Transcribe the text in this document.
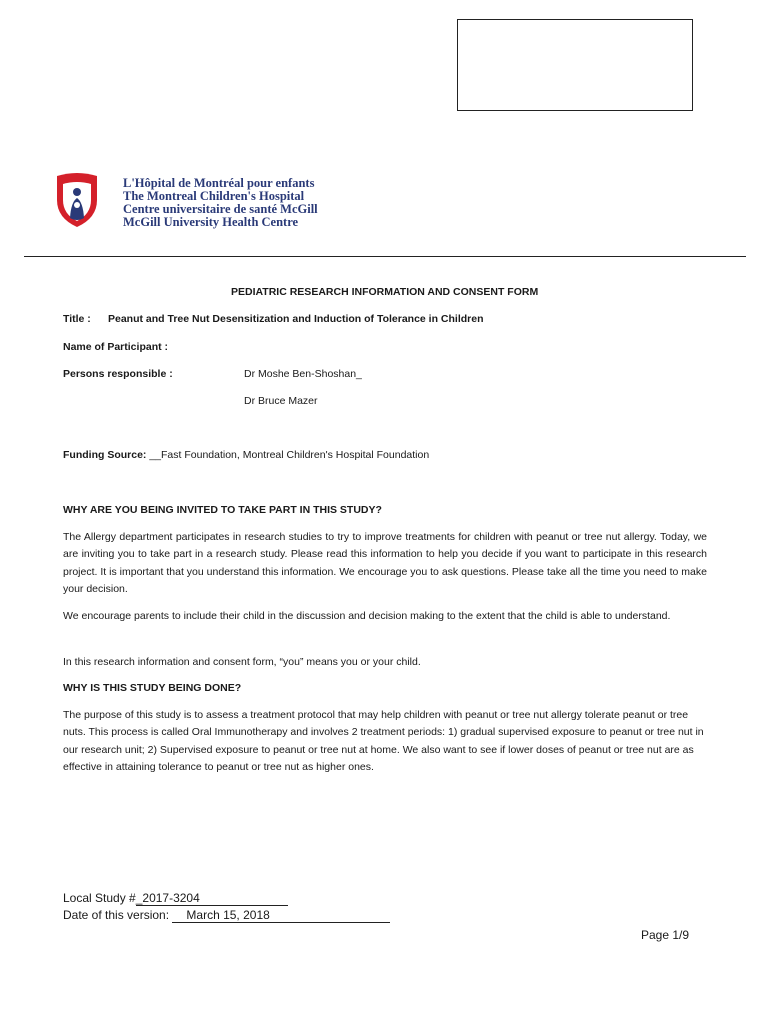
L'Hôpital de Montréal pour enfants
The Montreal Children's Hospital
Centre universitaire de santé McGill
McGill University Health Centre
PEDIATRIC RESEARCH INFORMATION AND CONSENT FORM
Title : Peanut and Tree Nut Desensitization and Induction of Tolerance in Children
Name of Participant :
Persons responsible :	Dr Moshe Ben-Shoshan_
Dr Bruce Mazer
Funding Source: __Fast Foundation, Montreal Children's Hospital Foundation
WHY ARE YOU BEING INVITED TO TAKE PART IN THIS STUDY?
The Allergy department participates in research studies to try to improve treatments for children with peanut or tree nut allergy. Today, we are inviting you to take part in a research study. Please read this information to help you decide if you want to participate in this research project. It is important that you understand this information. We encourage you to ask questions. Please take all the time you need to make your decision.
We encourage parents to include their child in the discussion and decision making to the extent that the child is able to understand.
In this research information and consent form, “you” means you or your child.
WHY IS THIS STUDY BEING DONE?
The purpose of this study is to assess a treatment protocol that may help children with peanut or tree nut allergy tolerate peanut or tree nuts. This process is called Oral Immunotherapy and involves 2 treatment periods: 1) gradual supervised exposure to peanut or tree nut in our research unit; 2) Supervised exposure to peanut or tree nut at home. We also want to see if lower doses of peanut or tree nut are as effective in attaining tolerance to peanut or tree nut as higher ones.
Local Study #_2017-3204
Date of this version: March 15, 2018
Page 1/9
